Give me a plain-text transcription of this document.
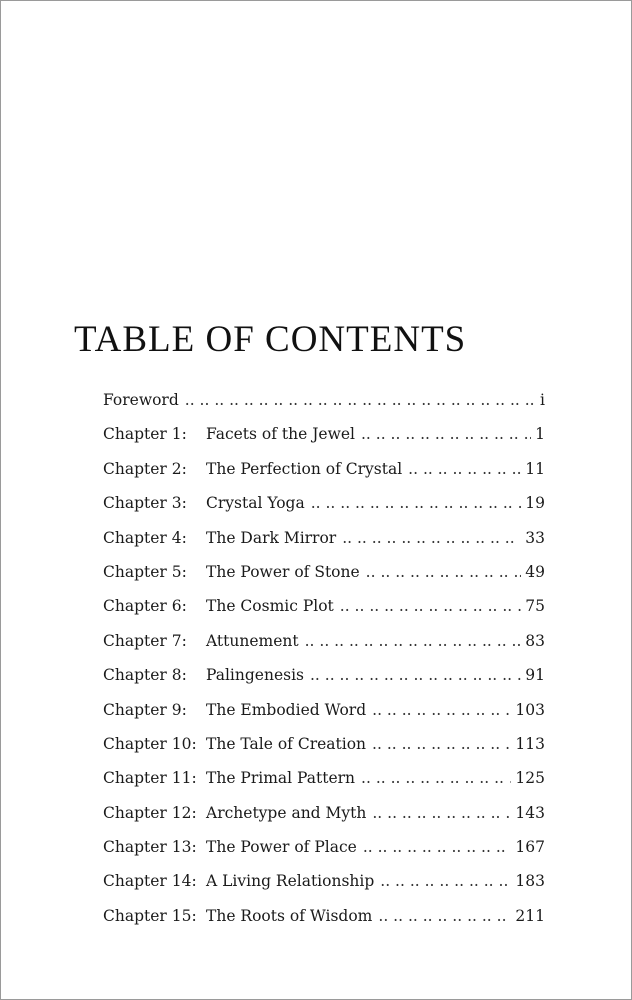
TABLE OF CONTENTS
Foreword .. ..	i
Chapter 1:	Facets of the Jewel .. ..	1
Chapter 2:	The Perfection of Crystal .. ..	11
Chapter 3:	Crystal Yoga .. ..	19
Chapter 4:	The Dark Mirror .. ..	33
Chapter 5:	The Power of Stone .. ..	49
Chapter 6:	The Cosmic Plot .. ..	75
Chapter 7:	Attunement .. ..	83
Chapter 8:	Palingenesis .. ..	91
Chapter 9:	The Embodied Word .. ..	103
Chapter 10: The Tale of Creation .. ..	113
Chapter 11: The Primal Pattern .. ..	125
Chapter 12: Archetype and Myth .. ..	143
Chapter 13: The Power of Place .. ..	167
Chapter 14: A Living Relationship .. ..	183
Chapter 15: The Roots of Wisdom .. ..	211
